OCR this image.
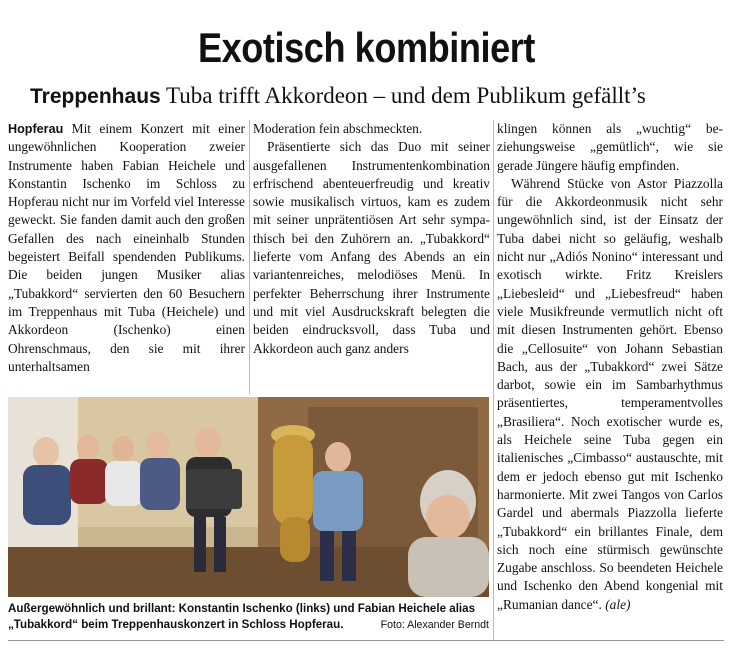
Exotisch kombiniert
Treppenhaus Tuba trifft Akkordeon – und dem Publikum gefällt’s

Hopferau Mit einem Konzert mit einer ungewöhnlichen Kooperation zweier Instrumente haben Fabian Heichele und Konstantin Ischenko im Schloss zu Hopferau nicht nur im Vorfeld viel Interesse geweckt. Sie fanden damit auch den großen Gefallen des nach eineinhalb Stunden begeistert Beifall spendenden Publikums. Die beiden jungen Musiker alias „Tubakkord“ servierten den 60 Besuchern im Treppenhaus mit Tuba (Heichele) und Akkordeon (Ischenko) einen Ohrenschmaus, den sie mit ihrer unterhaltsamen

Moderation fein abschmeckten.

Präsentierte sich das Duo mit seiner ausgefallenen Instrumentenkombination erfrischend abenteuerfreudig und kreativ sowie musikalisch virtuos, kam es zudem mit seiner unprätentiösen Art sehr sympathisch bei den Zuhörern an. „Tubakkord“ lieferte vom Anfang des Abends an ein variantenreiches, melodiöses Menü. In perfekter Beherrschung ihrer Instrumente und mit viel Ausdruckskraft belegten die beiden eindrucksvoll, dass Tuba und Akkordeon auch ganz anders

klingen können als „wuchtig“ beziehungsweise „gemütlich“, wie sie gerade Jüngere häufig empfinden.

Während Stücke von Astor Piazzolla für die Akkordeonmusik nicht sehr ungewöhnlich sind, ist der Einsatz der Tuba dabei nicht so geläufig, weshalb nicht nur „Adiós Nonino“ interessant und exotisch wirkte. Fritz Kreislers „Liebesleid“ und „Liebesfreud“ haben viele Musikfreunde vermutlich nicht oft mit diesen Instrumenten gehört. Ebenso die „Cellosuite“ von Johann Sebastian Bach, aus der „Tubakkord“ zwei Sätze darbot, sowie ein im Sambarhythmus präsentiertes, temperamentvolles „Brasiliera“. Noch exotischer wurde es, als Heichele seine Tuba gegen ein italienisches „Cimbasso“ austauschte, mit dem er jedoch ebenso gut mit Ischenko harmonierte. Mit zwei Tangos von Carlos Gardel und abermals Piazzolla lieferte „Tubakkord“ ein brillantes Finale, dem sich noch eine stürmisch gewünschte Zugabe anschloss. So beendeten Heichele und Ischenko den Abend kongenial mit „Rumanian dance“. (ale)

Außergewöhnlich und brillant: Konstantin Ischenko (links) und Fabian Heichele alias „Tubakkord“ beim Treppenhauskonzert in Schloss Hopferau.	Foto: Alexander Berndt
